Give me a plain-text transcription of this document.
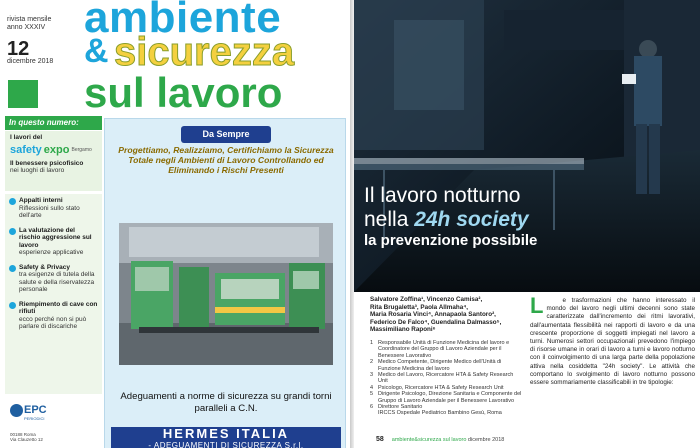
rivista mensile
anno XXXIV
12
dicembre 2018
ambiente
& sicurezza
sul lavoro
In questo numero:
I lavori del
safety expo Bergamo
Il benessere psicofisico
nei luoghi di lavoro
Appalti interni
Riflessioni sullo stato dell'arte
La valutazione del rischio aggressione sul lavoro
esperienze applicative
Safety & Privacy
tra esigenze di tutela della salute e della riservatezza personale
Riempimento di cave con rifiuti
ecco perché non si può parlare di discariche
EPC
PERIODICI
00188 Roma
Via Clauzetto 12
Da Sempre
Progettiamo, Realizziamo, Certifichiamo la Sicurezza Totale negli Ambienti di Lavoro Controllando ed Eliminando i Rischi Presenti
Adeguamenti a norme di sicurezza su grandi torni paralleli a C.N.
HERMES ITALIA
- ADEGUAMENTI DI SICUREZZA S.r.l.
Il lavoro notturno
nella 24h society
la prevenzione possibile
Salvatore Zoffina¹, Vincenzo Camisa²,
Rita Brugaletta³, Paola Allmaha⁴,
Maria Rosaria Vinci⁴, Annapaola Santoro²,
Federico De Falco⁴, Guendalina Dalmasso⁵,
Massimiliano Raponi⁶
1 Responsabile Unità di Funzione Medicina del lavoro e Coordinatore del Gruppo di Lavoro Aziendale per il Benessere Lavorativo
2 Medico Competente, Dirigente Medico dell'Unità di Funzione Medicina del lavoro
3 Medico del Lavoro, Ricercatore HTA & Safety Research Unit
4 Psicologo, Ricercatore HTA & Safety Research Unit
5 Dirigente Psicologo, Direzione Sanitaria e Componente del Gruppo di Lavoro Aziendale per il Benessere Lavorativo
6 Direttore Sanitario
IRCCS Ospedale Pediatrico Bambino Gesù, Roma
L	e trasformazioni che hanno interessato il mondo del lavoro negli ultimi decenni sono state caratterizzate dall'incremento dei ritmi lavorativi, dall'aumentata flessibilità nei rapporti di lavoro e da una crescente proporzione di soggetti impiegati nel lavoro a turni. Numerosi settori occupazionali prevedono l'impiego di risorse umane in orari di lavoro a turni e lavoro notturno con il coinvolgimento di una larga parte della popolazione attiva nella cosiddetta "24h society". Le attività che comportano lo svolgimento di lavoro notturno possono essere sommariamente classificabili in tre tipologie:
58 ambiente&sicurezza sul lavoro dicembre 2018
